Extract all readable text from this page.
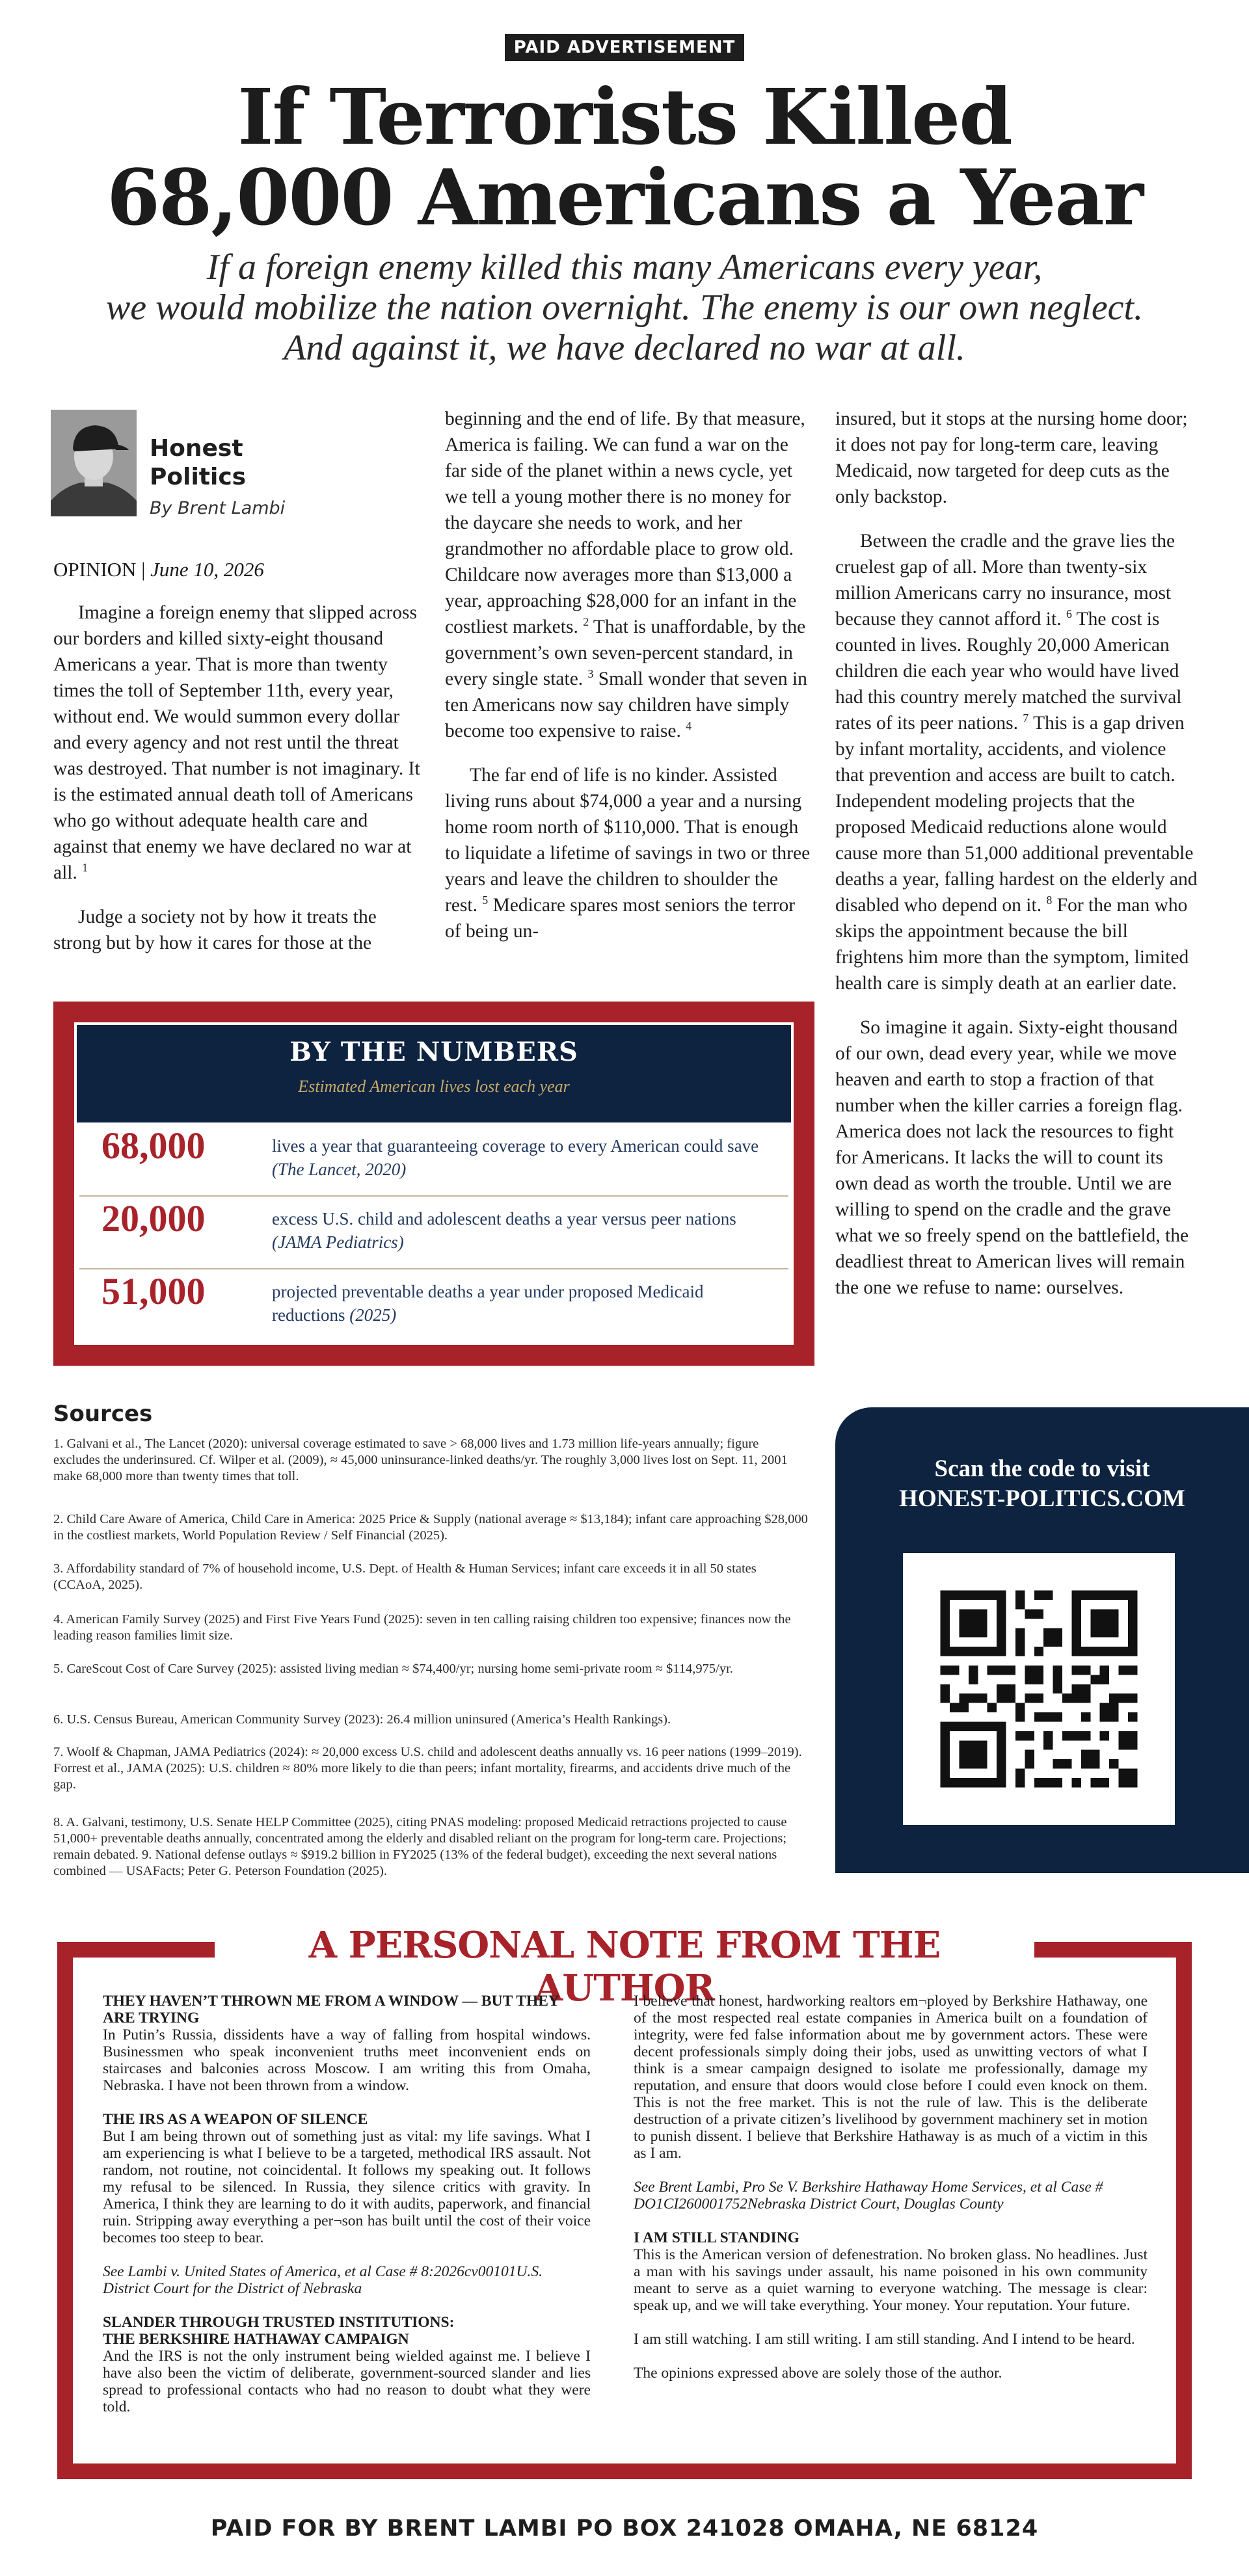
PAID ADVERTISEMENT
If Terrorists Killed
68,000 Americans a Year
If a foreign enemy killed this many Americans every year,
we would mobilize the nation overnight. The enemy is our own neglect.
And against it, we have declared no war at all.
Honest
Politics
By Brent Lambi
OPINION | June 10, 2026

Imagine a foreign enemy that slipped across our borders and killed sixty-eight thousand Americans a year. That is more than twenty times the toll of September 11th, every year, without end. We would summon every dollar and every agency and not rest until the threat was destroyed. That number is not imaginary. It is the estimated annual death toll of Americans who go without adequate health care and against that enemy we have declared no war at all. $^1$

Judge a society not by how it treats the strong but by how it cares for those at the

beginning and the end of life. By that measure, America is failing. We can fund a war on the far side of the planet within a news cycle, yet we tell a young mother there is no money for the daycare she needs to work, and her grandmother no affordable place to grow old. Childcare now averages more than $13,000 a year, approaching $28,000 for an infant in the costliest markets. $^2$ That is unaffordable, by the government’s own seven-percent standard, in every single state. $^3$ Small wonder that seven in ten Americans now say children have simply become too expensive to raise. $^4$

The far end of life is no kinder. Assisted living runs about $74,000 a year and a nursing home room north of $110,000. That is enough to liquidate a lifetime of savings in two or three years and leave the children to shoulder the rest. $^5$ Medicare spares most seniors the terror of being un-

insured, but it stops at the nursing home door; it does not pay for long-term care, leaving Medicaid, now targeted for deep cuts as the only backstop.

Between the cradle and the grave lies the cruelest gap of all. More than twenty-six million Americans carry no insurance, most because they cannot afford it. $^6$ The cost is counted in lives. Roughly 20,000 American children die each year who would have lived had this country merely matched the survival rates of its peer nations. $^7$ This is a gap driven by infant mortality, accidents, and violence that prevention and access are built to catch. Independent modeling projects that the proposed Medicaid reductions alone would cause more than 51,000 additional preventable deaths a year, falling hardest on the elderly and disabled who depend on it. $^8$ For the man who skips the appointment because the bill frightens him more than the symptom, limited health care is simply death at an earlier date.

So imagine it again. Sixty-eight thousand of our own, dead every year, while we move heaven and earth to stop a fraction of that number when the killer carries a foreign flag. America does not lack the resources to fight for Americans. It lacks the will to count its own dead as worth the trouble. Until we are willing to spend on the cradle and the grave what we so freely spend on the battlefield, the deadliest threat to American lives will remain the one we refuse to name: ourselves.

BY THE NUMBERS
Estimated American lives lost each year
68,000	lives a year that guaranteeing coverage to every American could save (The Lancet, 2020)
20,000	excess U.S. child and adolescent deaths a year versus peer nations (JAMA Pediatrics)
51,000	projected preventable deaths a year under proposed Medicaid reductions (2025)
Sources
1. Galvani et al., The Lancet (2020): universal coverage estimated to save > 68,000 lives and 1.73 million life-years annually; figure excludes the underinsured. Cf. Wilper et al. (2009), ≈ 45,000 uninsurance-linked deaths/yr. The roughly 3,000 lives lost on Sept. 11, 2001 make 68,000 more than twenty times that toll.
2. Child Care Aware of America, Child Care in America: 2025 Price & Supply (national average ≈ $13,184); infant care approaching $28,000 in the costliest markets, World Population Review / Self Financial (2025).
3. Affordability standard of 7% of household income, U.S. Dept. of Health & Human Services; infant care exceeds it in all 50 states (CCAoA, 2025).
4. American Family Survey (2025) and First Five Years Fund (2025): seven in ten calling raising children too expensive; finances now the leading reason families limit size.
5. CareScout Cost of Care Survey (2025): assisted living median ≈ $74,400/yr; nursing home semi-private room ≈ $114,975/yr.
6. U.S. Census Bureau, American Community Survey (2023): 26.4 million uninsured (America’s Health Rankings).
7. Woolf & Chapman, JAMA Pediatrics (2024): ≈ 20,000 excess U.S. child and adolescent deaths annually vs. 16 peer nations (1999–2019). Forrest et al., JAMA (2025): U.S. children ≈ 80% more likely to die than peers; infant mortality, firearms, and accidents drive much of the gap.
8. A. Galvani, testimony, U.S. Senate HELP Committee (2025), citing PNAS modeling: proposed Medicaid retractions projected to cause 51,000+ preventable deaths annually, concentrated among the elderly and disabled reliant on the program for long-term care. Projections; remain debated. 9. National defense outlays ≈ $919.2 billion in FY2025 (13% of the federal budget), exceeding the next several nations combined — USAFacts; Peter G. Peterson Foundation (2025).
Scan the code to visit
HONEST-POLITICS.COM
A PERSONAL NOTE FROM THE AUTHOR
THEY HAVEN’T THROWN ME FROM A WINDOW — BUT THEY ARE TRYING

In Putin’s Russia, dissidents have a way of falling from hospital windows. Businessmen who speak inconvenient truths meet inconvenient ends on staircases and balconies across Moscow. I am writing this from Omaha, Nebraska. I have not been thrown from a window.

THE IRS AS A WEAPON OF SILENCE

But I am being thrown out of something just as vital: my life savings. What I am experiencing is what I believe to be a targeted, methodical IRS assault. Not random, not routine, not coincidental. It follows my speaking out. It follows my refusal to be silenced. In Russia, they silence critics with gravity. In America, I think they are learning to do it with audits, paperwork, and financial ruin. Stripping away everything a per¬son has built until the cost of their voice becomes too steep to bear.

See Lambi v. United States of America, et al Case # 8:2026cv00101U.S. District Court for the District of Nebraska

SLANDER THROUGH TRUSTED INSTITUTIONS:
THE BERKSHIRE HATHAWAY CAMPAIGN

And the IRS is not the only instrument being wielded against me. I believe I have also been the victim of deliberate, government-sourced slander and lies spread to professional contacts who had no reason to doubt what they were told.

I believe that honest, hardworking realtors em¬ployed by Berkshire Hathaway, one of the most respected real estate companies in America built on a foundation of integrity, were fed false information about me by government actors. These were decent professionals simply doing their jobs, used as unwitting vectors of what I think is a smear campaign designed to isolate me professionally, damage my reputation, and ensure that doors would close before I could even knock on them. This is not the free market. This is not the rule of law. This is the deliberate destruction of a private citizen’s livelihood by government machinery set in motion to punish dissent. I believe that Berkshire Hathaway is as much of a victim in this as I am.

See Brent Lambi, Pro Se V. Berkshire Hathaway Home Services, et al Case # DO1CI260001752Nebraska District Court, Douglas County

I AM STILL STANDING

This is the American version of defenestration. No broken glass. No headlines. Just a man with his savings under assault, his name poisoned in his own community meant to serve as a quiet warning to everyone watching. The message is clear: speak up, and we will take everything. Your money. Your reputation. Your future.

I am still watching. I am still writing. I am still standing. And I intend to be heard.

The opinions expressed above are solely those of the author.

PAID FOR BY BRENT LAMBI PO BOX 241028 OMAHA, NE 68124
